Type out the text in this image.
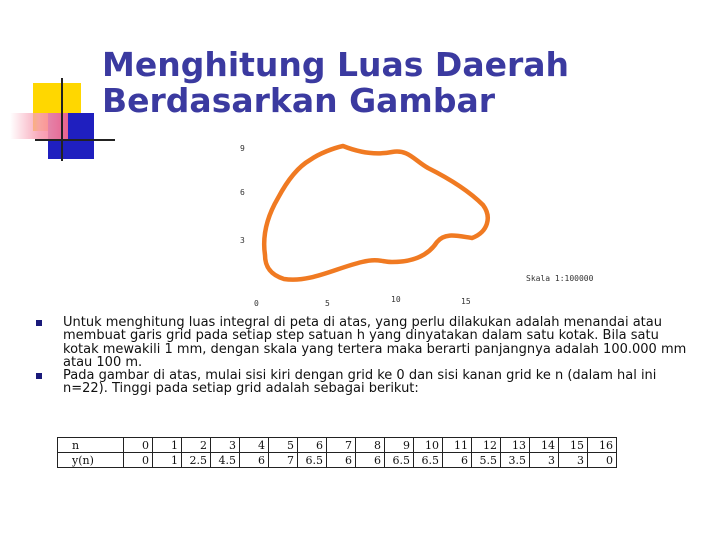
Menghitung Luas Daerah
Berdasarkan Gambar
9
6
3
Skala 1:100000
0	5	10	15
Untuk menghitung luas integral di peta di atas, yang perlu dilakukan adalah menandai atau membuat garis grid pada setiap step satuan h yang dinyatakan dalam satu kotak. Bila satu kotak mewakili 1 mm, dengan skala yang tertera maka berarti panjangnya adalah 100.000 mm atau 100 m.
Pada gambar di atas, mulai sisi kiri dengan grid ke 0 dan sisi kanan grid ke n (dalam hal ini n=22). Tinggi pada setiap grid adalah sebagai berikut:
n	0	1	2	3	4	5	6	7	8	9	10	11	12	13	14	15	16
y(n)	0	1	2.5	4.5	6	7	6.5	6	6	6.5	6.5	6	5.5	3.5	3	3	0
